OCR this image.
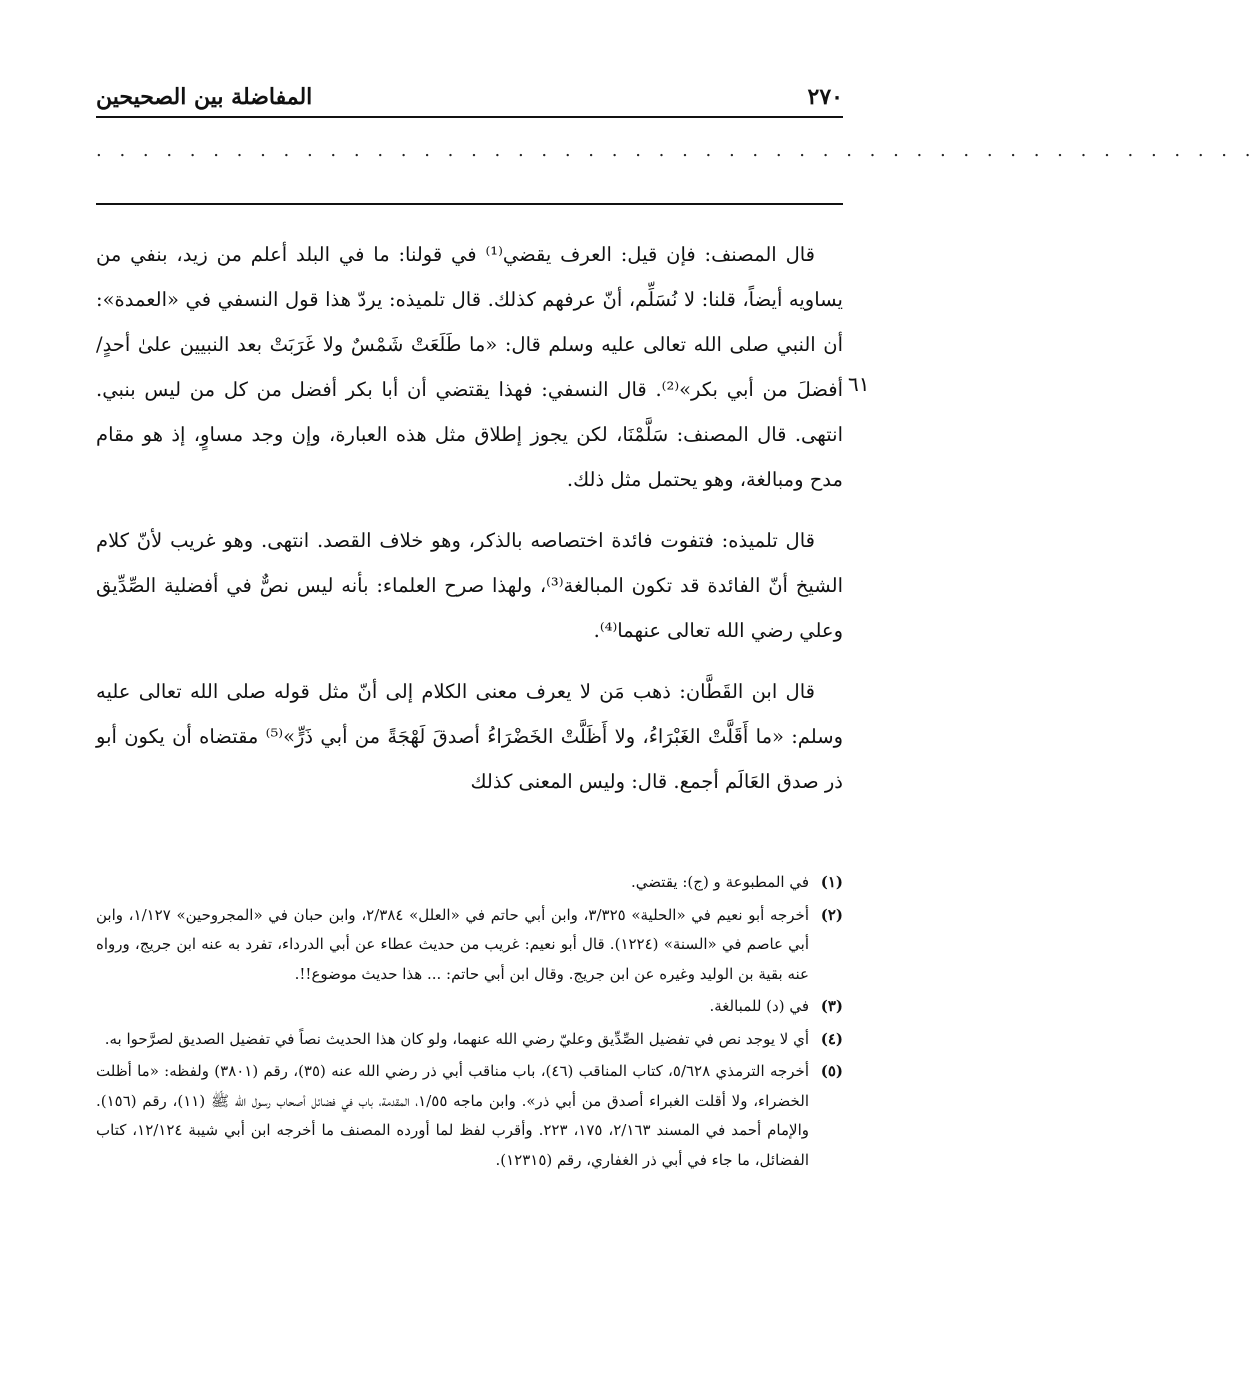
٢٧٠
المفاضلة بين الصحيحين
. . . . . . . . . . . . . . . . . . . . . . . . . . . . . . . . . . . . . . . . . . . . . . . . . .
٦١

قال المصنف: فإن قيل: العرف يقضي⁽¹⁾ في قولنا: ما في البلد أعلم من زيد، بنفي من يساويه أيضاً، قلنا: لا نُسَلِّم، أنّ عرفهم كذلك. قال تلميذه: يردّ هذا قول النسفي في «العمدة»: أن النبي صلى الله تعالى عليه وسلم قال: «ما طَلَعَتْ شَمْسٌ ولا غَرَبَتْ بعد النبيين علىٰ أحدٍ/ أفضلَ من أبي بكر»⁽²⁾. قال النسفي: فهذا يقتضي أن أبا بكر أفضل من كل من ليس بنبي. انتهى. قال المصنف: سَلَّمْنَا، لكن يجوز إطلاق مثل هذه العبارة، وإن وجد مساوٍ، إذ هو مقام مدح ومبالغة، وهو يحتمل مثل ذلك.

قال تلميذه: فتفوت فائدة اختصاصه بالذكر، وهو خلاف القصد. انتهى. وهو غريب لأنّ كلام الشيخ أنّ الفائدة قد تكون المبالغة⁽³⁾، ولهذا صرح العلماء: بأنه ليس نصٌّ في أفضلية الصِّدِّيق وعلي رضي الله تعالى عنهما⁽⁴⁾.

قال ابن القَطَّان: ذهب مَن لا يعرف معنى الكلام إلى أنّ مثل قوله صلى الله تعالى عليه وسلم: «ما أَقَلَّتْ الغَبْرَاءُ، ولا أَظَلَّتْ الخَضْرَاءُ أصدقَ لَهْجَةً من أبي ذَرٍّ»⁽⁵⁾ مقتضاه أن يكون أبو ذر صدق العَالَم أجمع. قال: وليس المعنى كذلك

(١)
في المطبوعة و (ج): يقتضي.
(٢)
أخرجه أبو نعيم في «الحلية» ٣/٣٢٥، وابن أبي حاتم في «العلل» ٢/٣٨٤، وابن حبان في «المجروحين» ١/١٢٧، وابن أبي عاصم في «السنة» (١٢٢٤). قال أبو نعيم: غريب من حديث عطاء عن أبي الدرداء، تفرد به عنه ابن جريج، ورواه عنه بقية بن الوليد وغيره عن ابن جريج. وقال ابن أبي حاتم: ... هذا حديث موضوع!!.
(٣)
في (د) للمبالغة.
(٤)
أي لا يوجد نص في تفضيل الصِّدِّيق وعليّ رضي الله عنهما، ولو كان هذا الحديث نصاً في تفضيل الصديق لصرَّحوا به.
(٥)
أخرجه الترمذي ٥/٦٢٨، كتاب المناقب (٤٦)، باب مناقب أبي ذر رضي الله عنه (٣٥)، رقم (٣٨٠١) ولفظه: «ما أظلت الخضراء، ولا أقلت الغبراء أصدق من أبي ذر». وابن ماجه ١/٥٥، المقدمة، باب في فضائل أصحاب رسول الله ﷺ (١١)، رقم (١٥٦). والإمام أحمد في المسند ٢/١٦٣، ١٧٥، ٢٢٣. وأقرب لفظ لما أورده المصنف ما أخرجه ابن أبي شيبة ١٢/١٢٤، كتاب الفضائل، ما جاء في أبي ذر الغفاري، رقم (١٢٣١٥).
